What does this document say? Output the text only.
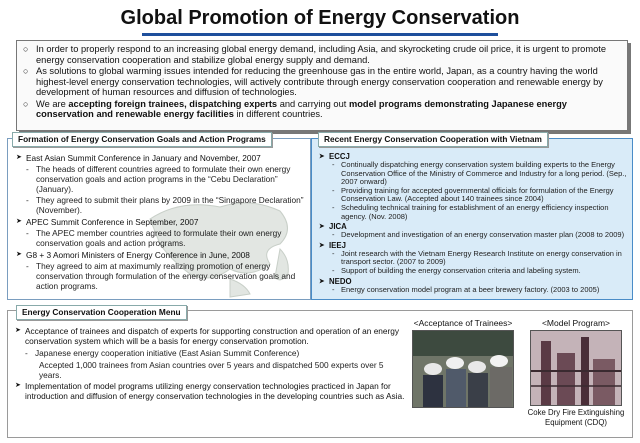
Global Promotion of Energy Conservation
○ In order to properly respond to an increasing global energy demand, including Asia, and skyrocketing crude oil price, it is urgent to promote energy conservation cooperation and stabilize global energy supply and demand.
○ As solutions to global warming issues intended for reducing the greenhouse gas in the entire world, Japan, as a country having the world highest-level energy conservation technologies, will actively contribute through energy conservation cooperation and renewable energy by development of human resources and diffusion of technologies.
○ We are accepting foreign trainees, dispatching experts and carrying out model programs demonstrating Japanese energy conservation and renewable energy facilities in different countries.
➤ East Asian Summit Conference in January and November, 2007
- The heads of different countries agreed to formulate their own energy conservation goals and action programs in the “Cebu Declaration” (January).
- They agreed to submit their plans by 2009 in the “Singapore Declaration” (November).
➤ APEC Summit Conference in September, 2007
- The APEC member countries agreed to formulate their own energy conservation goals and action programs.
➤ G8 + 3 Aomori Ministers of Energy Conference in June, 2008
- They agreed to aim at maximumly realizing promotion of energy conservation through formulation of the energy conservation goals and action programs.
Formation of Energy Conservation Goals and Action Programs
➤ ECCJ
- Continually dispatching energy conservation system building experts to the Energy Conservation Office of the Ministry of Commerce and Industry for a long period. (Sep., 2007 onward)
- Providing training for accepted governmental officials for formulation of the Energy Conservation Law. (Accepted about 140 trainees since 2004)
- Scheduling technical training for establishment of an energy efficiency inspection agency. (Nov. 2008)
➤ JICA
- Development and investigation of an energy conservation master plan (2008 to 2009)
➤ IEEJ
- Joint research with the Vietnam Energy Research Institute on energy conservation in transport sector. (2007 to 2009)
- Support of building the energy conservation criteria and labeling system.
➤ NEDO
- Energy conservation model program at a beer brewery factory. (2003 to 2005)
Recent Energy Conservation Cooperation with Vietnam
➤ Acceptance of trainees and dispatch of experts for supporting construction and operation of an energy conservation system which will be a basis for energy conservation promotion.
- Japanese energy cooperation initiative (East Asian Summit Conference)
Accepted 1,000 trainees from Asian countries over 5 years and dispatched 500 experts over 5 years.
➤ Implementation of model programs utilizing energy conservation technologies practiced in Japan for introduction and diffusion of energy conservation technologies in the developing countries such as Asia.
Energy Conservation Cooperation Menu
<Acceptance of Trainees>	<Model Program>
Coke Dry Fire Extinguishing Equipment (CDQ)
